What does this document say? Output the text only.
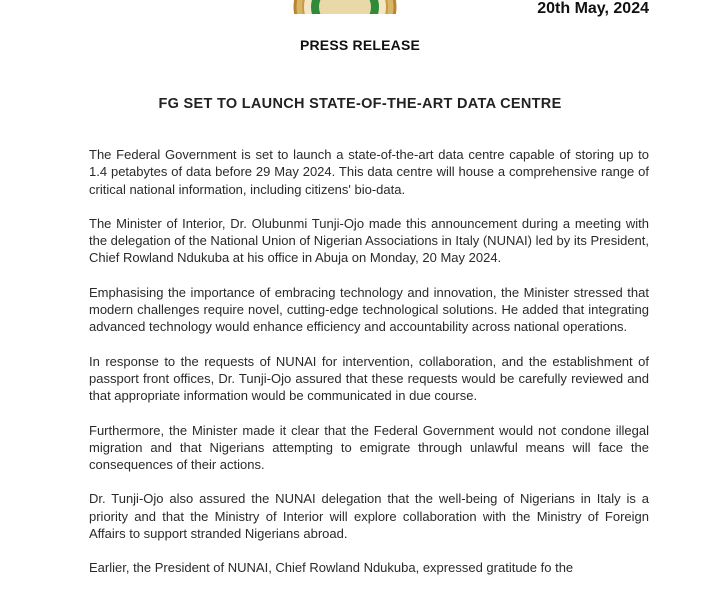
20th May, 2024
PRESS RELEASE
FG SET TO LAUNCH STATE-OF-THE-ART DATA CENTRE

The Federal Government is set to launch a state-of-the-art data centre capable of storing up to 1.4 petabytes of data before 29 May 2024. This data centre will house a comprehensive range of critical national information, including citizens' bio-data.

The Minister of Interior, Dr. Olubunmi Tunji-Ojo made this announcement during a meeting with the delegation of the National Union of Nigerian Associations in Italy (NUNAI) led by its President, Chief Rowland Ndukuba at his office in Abuja on Monday, 20 May 2024.

Emphasising the importance of embracing technology and innovation, the Minister stressed that modern challenges require novel, cutting-edge technological solutions. He added that integrating advanced technology would enhance efficiency and accountability across national operations.

In response to the requests of NUNAI for intervention, collaboration, and the establishment of passport front offices, Dr. Tunji-Ojo assured that these requests would be carefully reviewed and that appropriate information would be communicated in due course.

Furthermore, the Minister made it clear that the Federal Government would not condone illegal migration and that Nigerians attempting to emigrate through unlawful means will face the consequences of their actions.

Dr. Tunji-Ojo also assured the NUNAI delegation that the well-being of Nigerians in Italy is a priority and that the Ministry of Interior will explore collaboration with the Ministry of Foreign Affairs to support stranded Nigerians abroad.

Earlier, the President of NUNAI, Chief Rowland Ndukuba, expressed gratitude fo the
